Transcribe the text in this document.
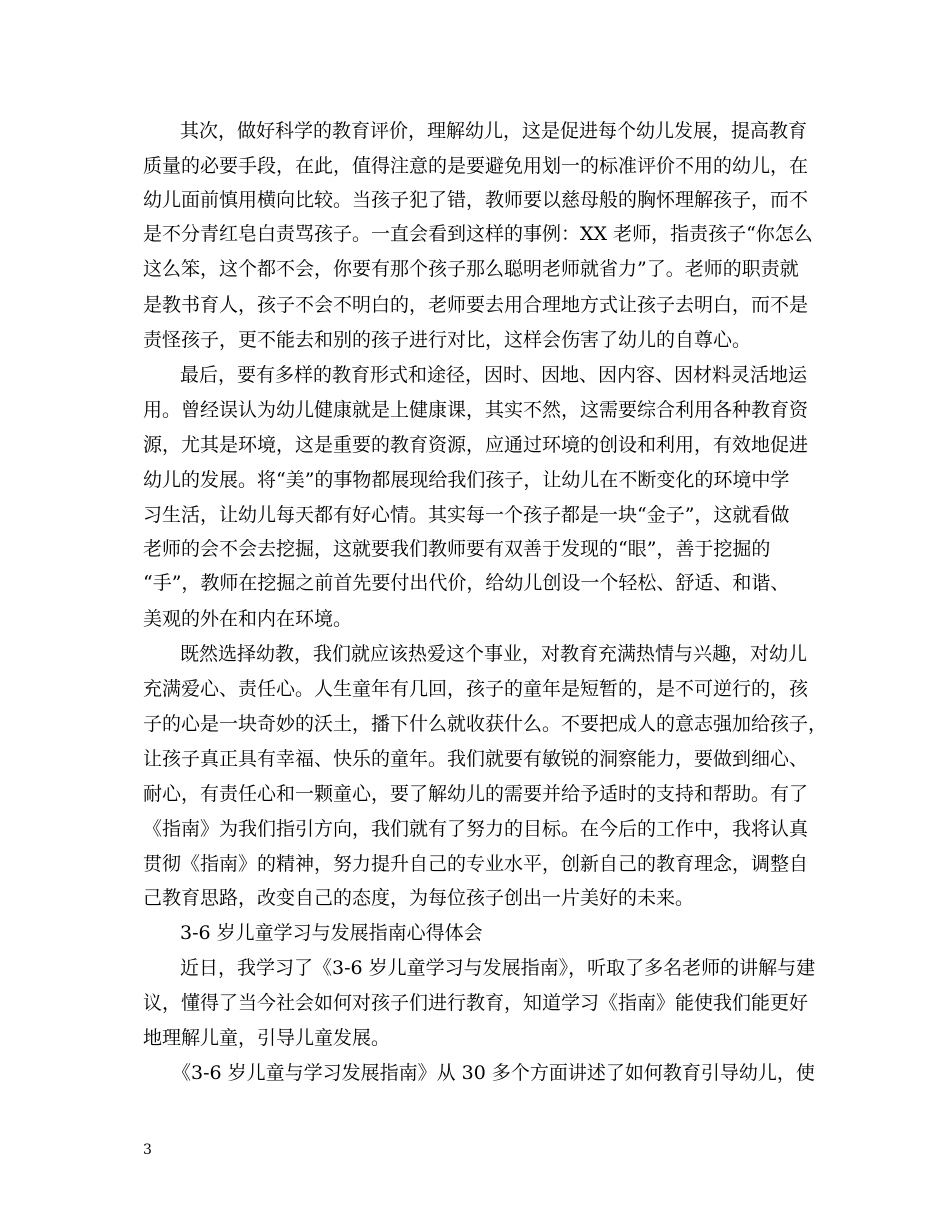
其次，做好科学的教育评价，理解幼儿，这是促进每个幼儿发展，提高教育
质量的必要手段，在此，值得注意的是要避免用划一的标准评价不用的幼儿，在
幼儿面前慎用横向比较。当孩子犯了错，教师要以慈母般的胸怀理解孩子，而不
是不分青红皂白责骂孩子。一直会看到这样的事例：XX 老师，指责孩子“你怎么
这么笨，这个都不会，你要有那个孩子那么聪明老师就省力”了。老师的职责就
是教书育人，孩子不会不明白的，老师要去用合理地方式让孩子去明白，而不是
责怪孩子，更不能去和别的孩子进行对比，这样会伤害了幼儿的自尊心。
最后，要有多样的教育形式和途径，因时、因地、因内容、因材料灵活地运
用。曾经误认为幼儿健康就是上健康课，其实不然，这需要综合利用各种教育资
源，尤其是环境，这是重要的教育资源，应通过环境的创设和利用，有效地促进
幼儿的发展。将“美”的事物都展现给我们孩子，让幼儿在不断变化的环境中学
习生活，让幼儿每天都有好心情。其实每一个孩子都是一块“金子”，这就看做
老师的会不会去挖掘，这就要我们教师要有双善于发现的“眼”，善于挖掘的
“手”，教师在挖掘之前首先要付出代价，给幼儿创设一个轻松、舒适、和谐、
美观的外在和内在环境。
既然选择幼教，我们就应该热爱这个事业，对教育充满热情与兴趣，对幼儿
充满爱心、责任心。人生童年有几回，孩子的童年是短暂的，是不可逆行的，孩
子的心是一块奇妙的沃土，播下什么就收获什么。不要把成人的意志强加给孩子，
让孩子真正具有幸福、快乐的童年。我们就要有敏锐的洞察能力，要做到细心、
耐心，有责任心和一颗童心，要了解幼儿的需要并给予适时的支持和帮助。有了
《指南》为我们指引方向，我们就有了努力的目标。在今后的工作中，我将认真
贯彻《指南》的精神，努力提升自己的专业水平，创新自己的教育理念，调整自
己教育思路，改变自己的态度，为每位孩子创出一片美好的未来。
3-6 岁儿童学习与发展指南心得体会
近日，我学习了《3-6 岁儿童学习与发展指南》，听取了多名老师的讲解与建
议，懂得了当今社会如何对孩子们进行教育，知道学习《指南》能使我们能更好
地理解儿童，引导儿童发展。
《3-6 岁儿童与学习发展指南》从 30 多个方面讲述了如何教育引导幼儿，使
3
